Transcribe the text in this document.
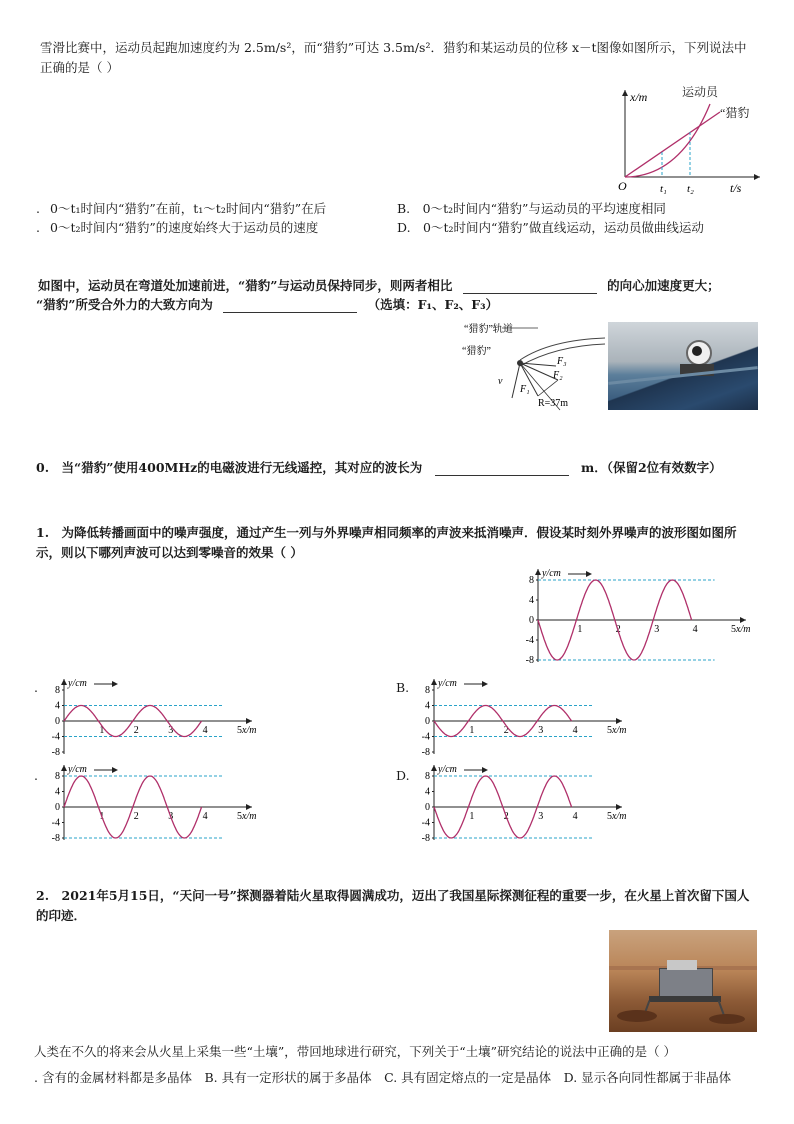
雪滑比赛中，运动员起跑加速度约为 2.5m/s²，而“猎豹”可达 3.5m/s²．猎豹和某运动员的位移 x－t图像如图所示，下列说法中
正确的是（ ）
x/m
t/s
O	t₁ t₂
运动员
“猎豹
0～t₁时间内“猎豹”在前，t₁～t₂时间内“猎豹”在后	B.　0～t₂时间内“猎豹”与运动员的平均速度相同
0～t₂时间内“猎豹”的速度始终大于运动员的速度	D.　0～t₂时间内“猎豹”做直线运动，运动员做曲线运动
.
.
如图中，运动员在弯道处加速前进，“猎豹”与运动员保持同步，则两者相比	的向心加速度更大；
“猎豹”所受合外力的大致方向为	（选填：F₁、F₂、F₃）
“猎豹”轨道
“猎豹”
v
F₁
F₂
F₃
R=37m
0.　当“猎豹”使用400MHz的电磁波进行无线遥控，其对应的波长为	m．（保留2位有效数字）
1.　为降低转播画面中的噪声强度，通过产生一列与外界噪声相同频率的声波来抵消噪声．假设某时刻外界噪声的波形图如图所
示，则以下哪列声波可以达到零噪音的效果（ ）
y/cm
x/m
8
4
0
-4
-8
1	2	3	4	5
y/cm
x/m
8
4
0
-4
-8
1	2	3	4	5
y/cm
x/m
8
4
0
-4
-8
1	2	3	4	5
y/cm
x/m
8
4
0
-4
-8
1	2	3	4	5
y/cm
x/m
8
4
0
-4
-8
1	2	3	4	5
.	B.
.	D.
2.　2021年5月15日，“天问一号”探测器着陆火星取得圆满成功，迈出了我国星际探测征程的重要一步，在火星上首次留下国人
的印迹．
人类在不久的将来会从火星上采集一些“土壤”，带回地球进行研究，下列关于“土壤”研究结论的说法中正确的是（ ）
. 含有的金属材料都是多晶体　B. 具有一定形状的属于多晶体　C. 具有固定熔点的一定是晶体　D. 显示各向同性都属于非晶体
